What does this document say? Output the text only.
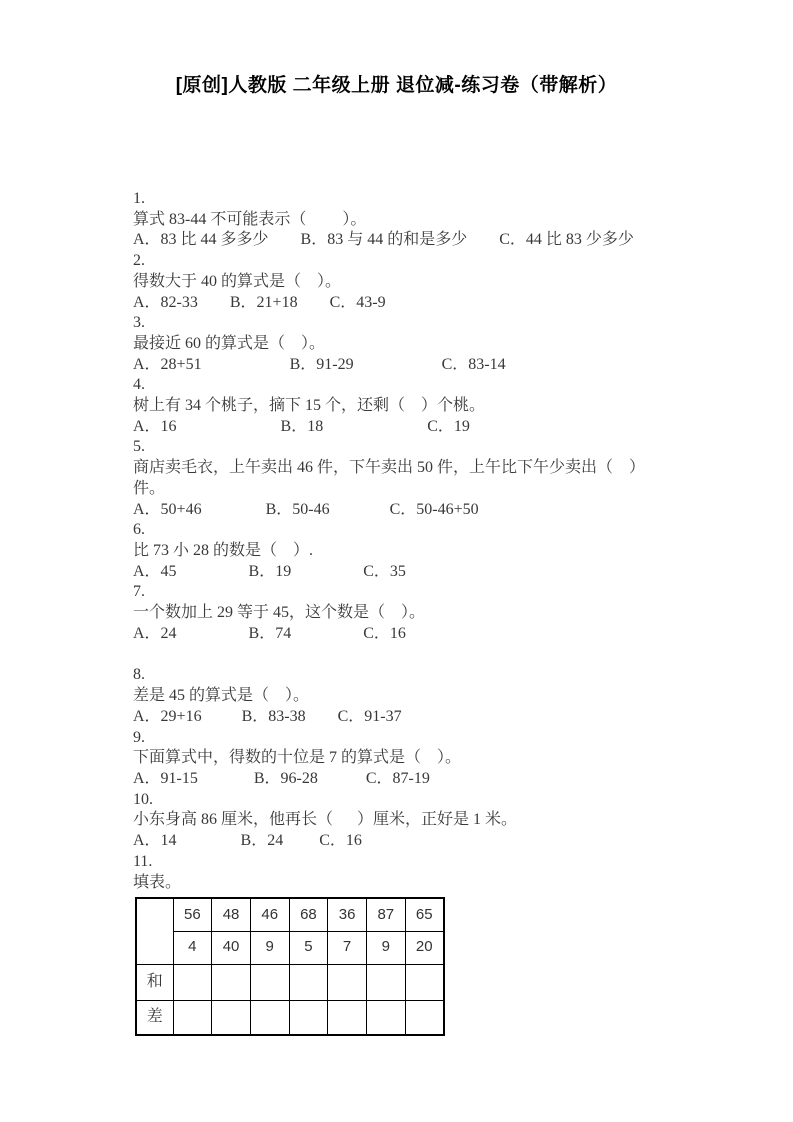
[原创]人教版 二年级上册 退位减-练习卷（带解析）
1.
算式 83-44 不可能表示（         ）。
A．83 比 44 多多少        B．83 与 44 的和是多少        C．44 比 83 少多少
2.
得数大于 40 的算式是（    ）。
A．82-33        B．21+18        C．43-9
3.
最接近 60 的算式是（    ）。
A．28+51                      B．91-29                      C．83-14
4.
树上有 34 个桃子，摘下 15 个，还剩（    ）个桃。
A．16                          B．18                          C．19
5.
商店卖毛衣，上午卖出 46 件，下午卖出 50 件，上午比下午少卖出（    ）
件。
A．50+46                B．50-46               C．50-46+50
6.
比 73 小 28 的数是（    ）.
A．45                  B．19                  C．35
7.
一个数加上 29 等于 45，这个数是（    ）。
A．24                  B．74                  C．16
8.
差是 45 的算式是（    ）。
A．29+16          B．83-38        C．91-37
9.
下面算式中，得数的十位是 7 的算式是（    ）。
A．91-15              B．96-28            C．87-19
10.
小东身高 86 厘米，他再长（      ）厘米，正好是 1 米。
A．14                B．24         C．16
11.
填表。
	56	48	46	68	36	87	65
	4	40	9	5	7	9	20
和							
差							
